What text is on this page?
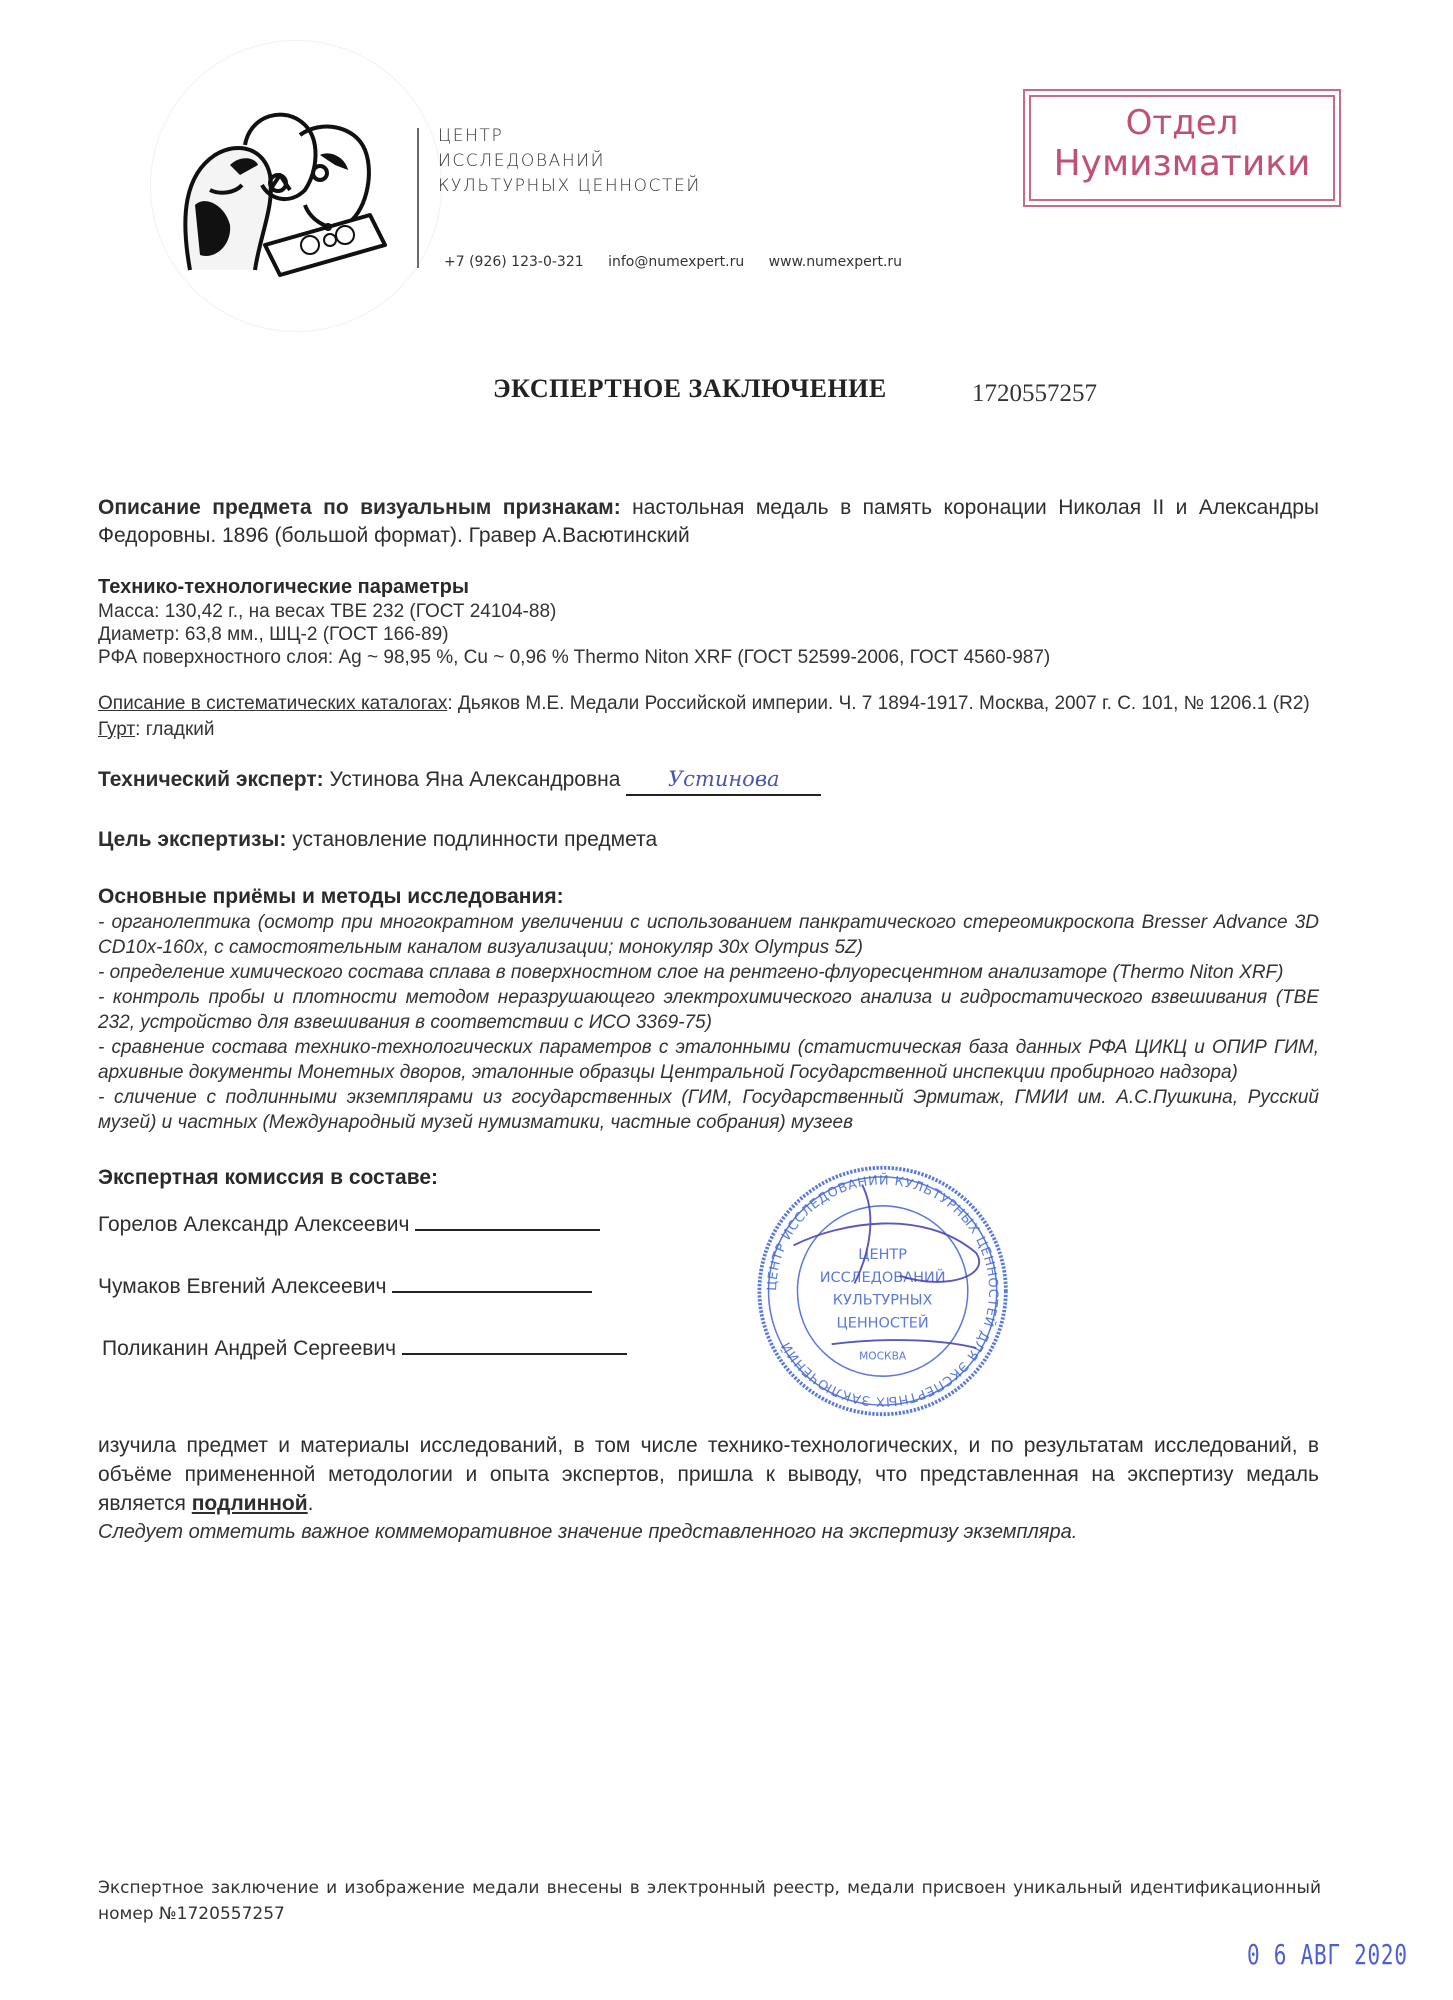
ЦЕНТР
ИССЛЕДОВАНИЙ
КУЛЬТУРНЫХ ЦЕННОСТЕЙ
+7 (926) 123-0-321 info@numexpert.ru www.numexpert.ru
Отдел
Нумизматики
ЭКСПЕРТНОЕ ЗАКЛЮЧЕНИЕ	1720557257
Описание предмета по визуальным признакам: настольная медаль в память коронации Николая II и Александры Федоровны. 1896 (большой формат). Гравер А.Васютинский
Технико-технологические параметры
Масса: 130,42 г., на весах ТВЕ 232 (ГОСТ 24104-88)
Диаметр: 63,8 мм., ШЦ-2 (ГОСТ 166-89)
РФА поверхностного слоя: Ag ~ 98,95 %, Cu ~ 0,96 % Thermo Niton XRF (ГОСТ 52599-2006, ГОСТ 4560-987)
Описание в систематических каталогах: Дьяков М.Е. Медали Российской империи. Ч. 7 1894-1917. Москва, 2007 г. С. 101, № 1206.1 (R2)
Гурт: гладкий
Технический эксперт: Устинова Яна Александровна Устинова
Цель экспертизы: установление подлинности предмета
Основные приёмы и методы исследования:
- органолептика (осмотр при многократном увеличении с использованием панкратического стереомикроскопа Bresser Advance 3D CD10x-160x, с самостоятельным каналом визуализации; монокуляр 30x Olympus 5Z)
- определение химического состава сплава в поверхностном слое на рентгено-флуоресцентном анализаторе (Thermo Niton XRF)
- контроль пробы и плотности методом неразрушающего электрохимического анализа и гидростатического взвешивания (ТВЕ 232, устройство для взвешивания в соответствии с ИСО 3369-75)
- сравнение состава технико-технологических параметров с эталонными (статистическая база данных РФА ЦИКЦ и ОПИР ГИМ, архивные документы Монетных дворов, эталонные образцы Центральной Государственной инспекции пробирного надзора)
- сличение с подлинными экземплярами из государственных (ГИМ, Государственный Эрмитаж, ГМИИ им. А.С.Пушкина, Русский музей) и частных (Международный музей нумизматики, частные собрания) музеев
Экспертная комиссия в составе:
Горелов Александр Алексеевич
Чумаков Евгений Алексеевич
Поликанин Андрей Сергеевич
ЦЕНТР ИССЛЕДОВАНИЙ КУЛЬТУРНЫХ ЦЕННОСТЕЙ ДЛЯ ЭКСПЕРТНЫХ ЗАКЛЮЧЕНИЙ
ЦЕНТР
ИССЛЕДОВАНИЙ
КУЛЬТУРНЫХ
ЦЕННОСТЕЙ
МОСКВА
изучила предмет и материалы исследований, в том числе технико-технологических, и по результатам исследований, в объёме примененной методологии и опыта экспертов, пришла к выводу, что представленная на экспертизу медаль является подлинной.
Следует отметить важное коммеморативное значение представленного на экспертизу экземпляра.
Экспертное заключение и изображение медали внесены в электронный реестр, медали присвоен уникальный идентификационный номер №1720557257
0 6 АВГ 2020
